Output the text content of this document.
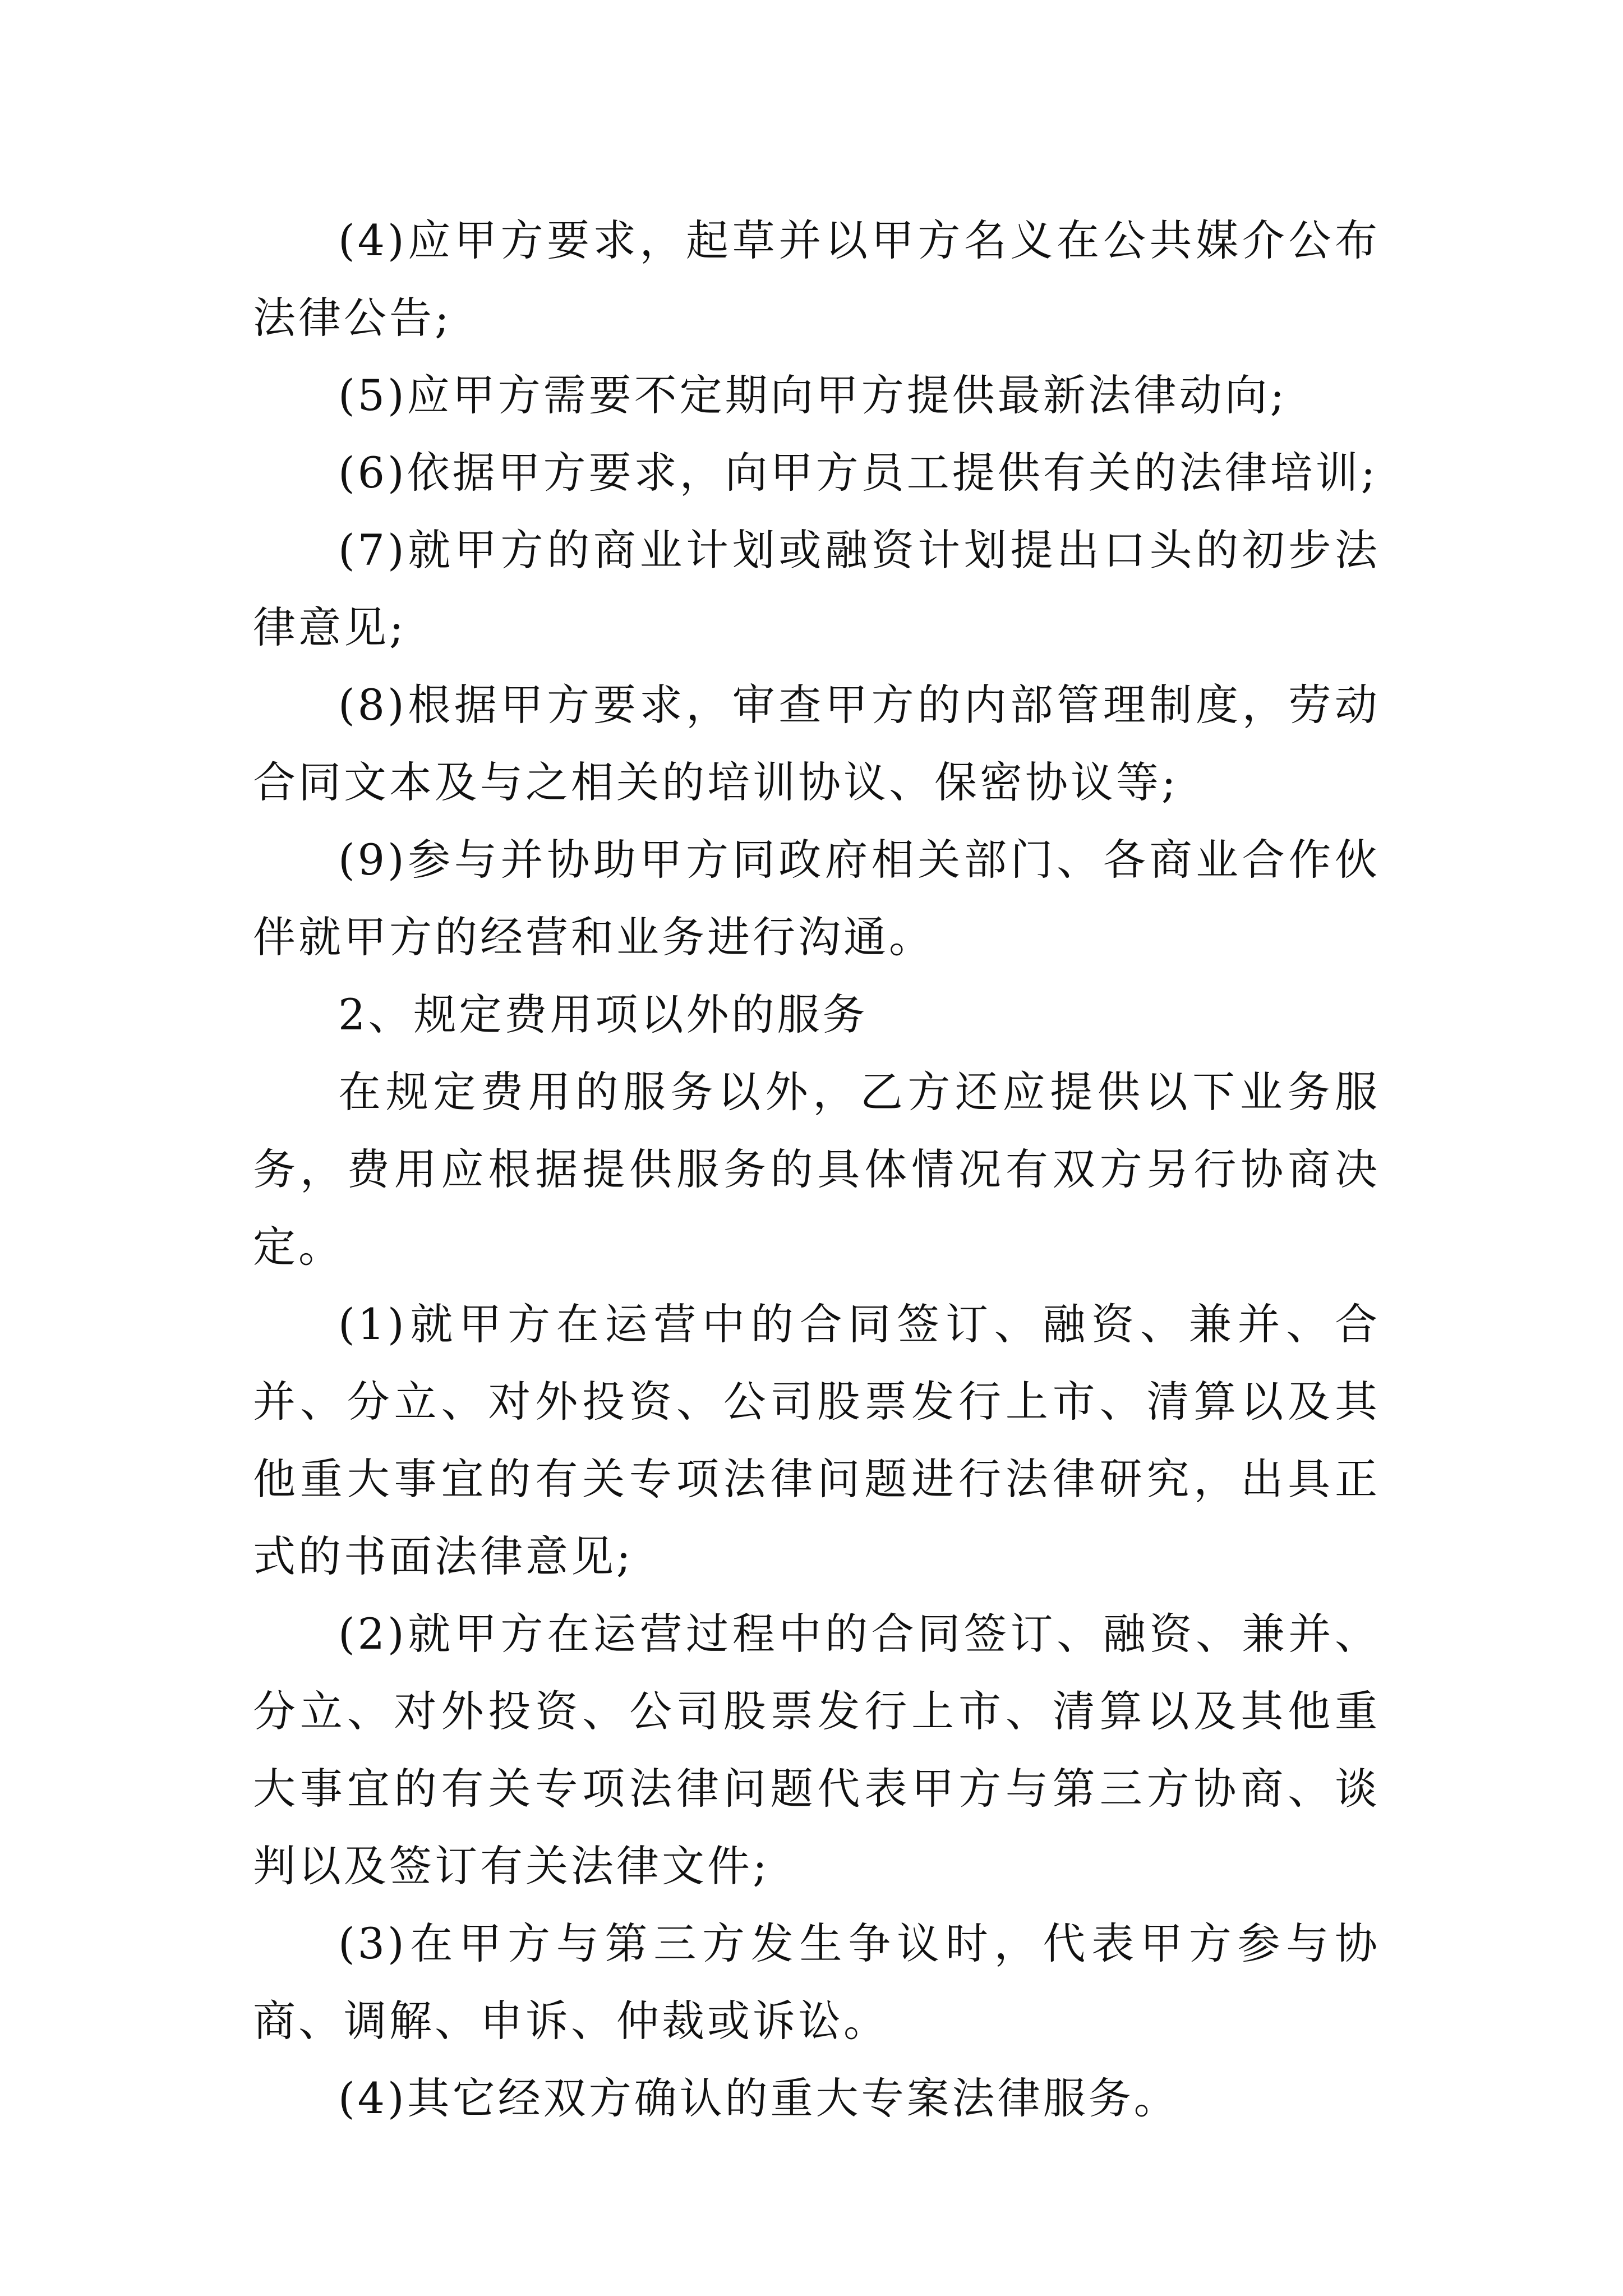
(4)应甲方要求，起草并以甲方名义在公共媒介公布法律公告;

(5)应甲方需要不定期向甲方提供最新法律动向;

(6)依据甲方要求，向甲方员工提供有关的法律培训;

(7)就甲方的商业计划或融资计划提出口头的初步法律意见;

(8)根据甲方要求，审查甲方的内部管理制度，劳动合同文本及与之相关的培训协议、保密协议等;

(9)参与并协助甲方同政府相关部门、各商业合作伙伴就甲方的经营和业务进行沟通。

2、规定费用项以外的服务

在规定费用的服务以外，乙方还应提供以下业务服务，费用应根据提供服务的具体情况有双方另行协商决定。

(1)就甲方在运营中的合同签订、融资、兼并、合并、分立、对外投资、公司股票发行上市、清算以及其他重大事宜的有关专项法律问题进行法律研究，出具正式的书面法律意见;

(2)就甲方在运营过程中的合同签订、融资、兼并、分立、对外投资、公司股票发行上市、清算以及其他重大事宜的有关专项法律问题代表甲方与第三方协商、谈判以及签订有关法律文件;

(3)在甲方与第三方发生争议时，代表甲方参与协商、调解、申诉、仲裁或诉讼。

(4)其它经双方确认的重大专案法律服务。
